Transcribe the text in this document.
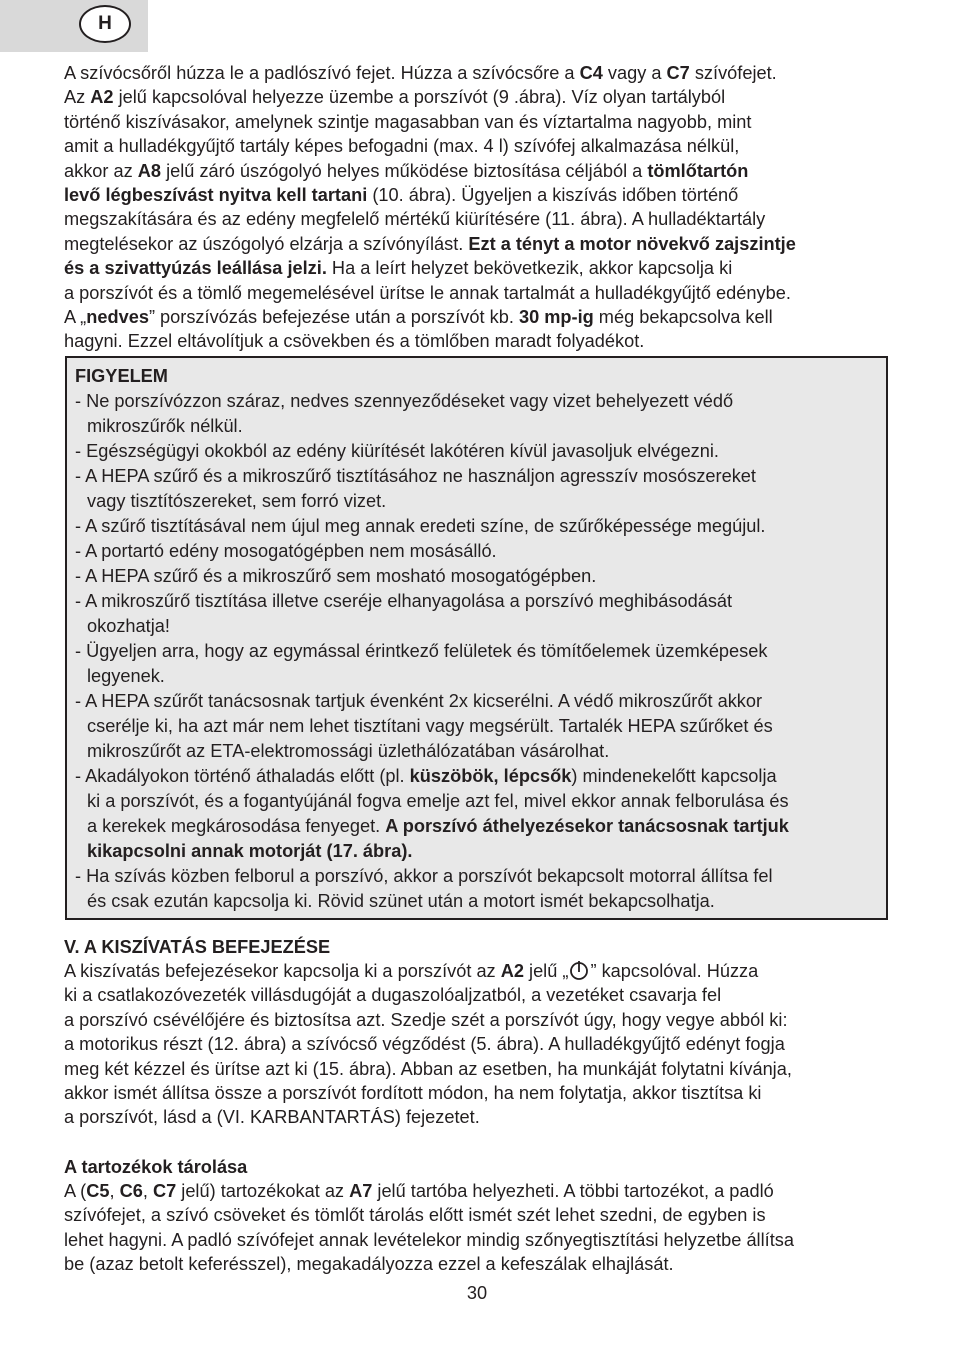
H

A szívócsőről húzza le a padlószívó fejet. Húzza a szívócsőre a C4 vagy a C7 szívófejet.
Az A2 jelű kapcsolóval helyezze üzembe a porszívót (9 .ábra). Víz olyan tartályból
történő kiszívásakor, amelynek szintje magasabban van és víztartalma nagyobb, mint
amit a hulladékgyűjtő tartály képes befogadni (max. 4 l) szívófej alkalmazása nélkül,
akkor az A8 jelű záró úszógolyó helyes működése biztosítása céljából a tömlőtartón
levő légbeszívást nyitva kell tartani (10. ábra). Ügyeljen a kiszívás időben történő
megszakítására és az edény megfelelő mértékű kiürítésére (11. ábra). A hulladéktartály
megtelésekor az úszógolyó elzárja a szívónyílást. Ezt a tényt a motor növekvő zajszintje
és a szivattyúzás leállása jelzi. Ha a leírt helyzet bekövetkezik, akkor kapcsolja ki
a porszívót és a tömlő megemelésével ürítse le annak tartalmát a hulladékgyűjtő edénybe.
A „nedves” porszívózás befejezése után a porszívót kb. 30 mp-ig még bekapcsolva kell
hagyni. Ezzel eltávolítjuk a csövekben és a tömlőben maradt folyadékot.

FIGYELEM
- Ne porszívózzon száraz, nedves szennyeződéseket vagy vizet behelyezett védő
mikroszűrők nélkül.
- Egészségügyi okokból az edény kiürítését lakótéren kívül javasoljuk elvégezni.
- A HEPA szűrő és a mikroszűrő tisztításához ne használjon agresszív mosószereket
vagy tisztítószereket, sem forró vizet.
- A szűrő tisztításával nem újul meg annak eredeti színe, de szűrőképessége megújul.
- A portartó edény mosogatógépben nem mosásálló.
- A HEPA szűrő és a mikroszűrő sem mosható mosogatógépben.
- A mikroszűrő tisztítása illetve cseréje elhanyagolása a porszívó meghibásodását
okozhatja!
- Ügyeljen arra, hogy az egymással érintkező felületek és tömítőelemek üzemképesek
legyenek.
- A HEPA szűrőt tanácsosnak tartjuk évenként 2x kicserélni. A védő mikroszűrőt akkor
cserélje ki, ha azt már nem lehet tisztítani vagy megsérült. Tartalék HEPA szűrőket és
mikroszűrőt az ETA-elektromossági üzlethálózatában vásárolhat.
- Akadályokon történő áthaladás előtt (pl. küszöbök, lépcsők) mindenekelőtt kapcsolja
ki a porszívót, és a fogantyújánál fogva emelje azt fel, mivel ekkor annak felborulása és
a kerekek megkárosodása fenyeget. A porszívó áthelyezésekor tanácsosnak tartjuk
kikapcsolni annak motorját (17. ábra).
- Ha szívás közben felborul a porszívó, akkor a porszívót bekapcsolt motorral állítsa fel
és csak ezután kapcsolja ki. Rövid szünet után a motort ismét bekapcsolhatja.

V. A KISZÍVATÁS BEFEJEZÉSE

A kiszívatás befejezésekor kapcsolja ki a porszívót az A2 jelű „ ” kapcsolóval. Húzza
ki a csatlakozóvezeték villásdugóját a dugaszolóaljzatból, a vezetéket csavarja fel
a porszívó csévélőjére és biztosítsa azt. Szedje szét a porszívót úgy, hogy vegye abból ki:
a motorikus részt (12. ábra) a szívócső végződést (5. ábra). A hulladékgyűjtő edényt fogja
meg két kézzel és ürítse azt ki (15. ábra). Abban az esetben, ha munkáját folytatni kívánja,
akkor ismét állítsa össze a porszívót fordított módon, ha nem folytatja, akkor tisztítsa ki
a porszívót, lásd a (VI. KARBANTARTÁS) fejezetet.

A tartozékok tárolása

A (C5, C6, C7 jelű) tartozékokat az A7 jelű tartóba helyezheti. A többi tartozékot, a padló
szívófejet, a szívó csöveket és tömlőt tárolás előtt ismét szét lehet szedni, de egyben is
lehet hagyni. A padló szívófejet annak levételekor mindig szőnyegtisztítási helyzetbe állítsa
be (azaz betolt keferésszel), megakadályozza ezzel a kefeszálak elhajlását.

30
